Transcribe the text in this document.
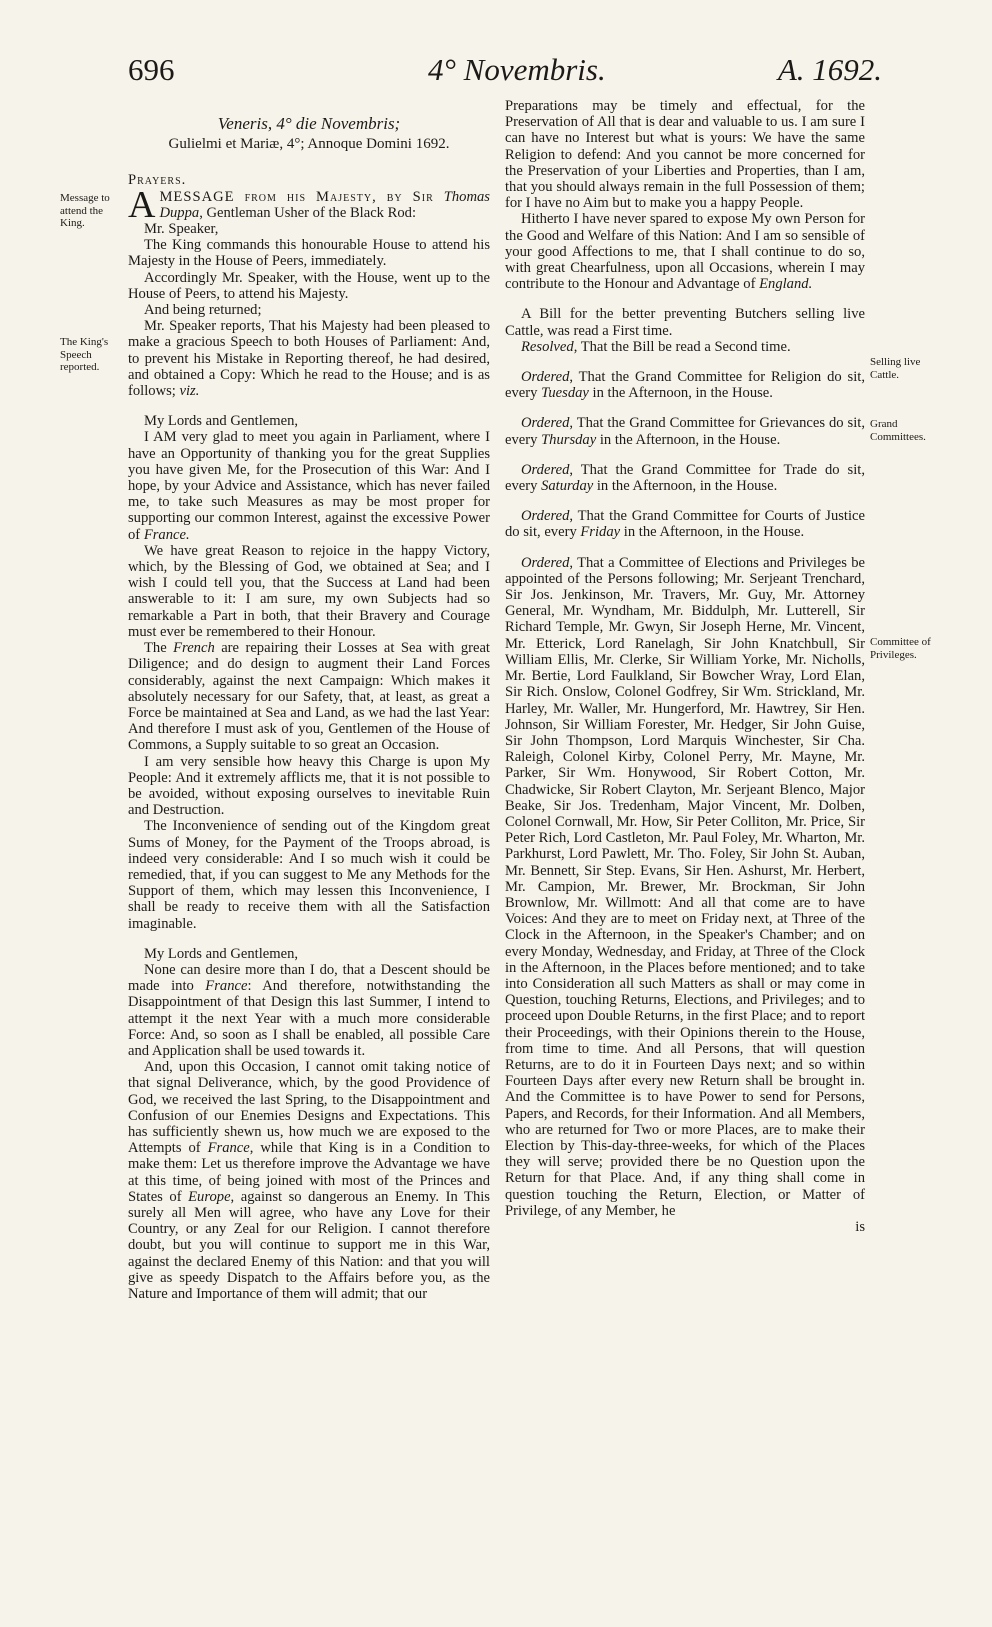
696	4° Novembris.	A. 1692.
Message to attend the King.
The King's Speech reported.	Selling live Cattle.
Grand Committees.
Committee of Privileges.
Veneris, 4° die Novembris;
Gulielmi et Mariæ, 4°; Annoque Domini 1692.

Prayers.

AMESSAGE from his Majesty, by Sir Thomas Duppa, Gentleman Usher of the Black Rod:

Mr. Speaker,

The King commands this honourable House to attend his Majesty in the House of Peers, immediately.

Accordingly Mr. Speaker, with the House, went up to the House of Peers, to attend his Majesty.

And being returned;

Mr. Speaker reports, That his Majesty had been pleased to make a gracious Speech to both Houses of Parliament: And, to prevent his Mistake in Reporting thereof, he had desired, and obtained a Copy: Which he read to the House; and is as follows; viz.

My Lords and Gentlemen,

I AM very glad to meet you again in Parliament, where I have an Opportunity of thanking you for the great Supplies you have given Me, for the Prosecution of this War: And I hope, by your Advice and Assistance, which has never failed me, to take such Measures as may be most proper for supporting our common Interest, against the excessive Power of France.

We have great Reason to rejoice in the happy Victory, which, by the Blessing of God, we obtained at Sea; and I wish I could tell you, that the Success at Land had been answerable to it: I am sure, my own Subjects had so remarkable a Part in both, that their Bravery and Courage must ever be remembered to their Honour.

The French are repairing their Losses at Sea with great Diligence; and do design to augment their Land Forces considerably, against the next Campaign: Which makes it absolutely necessary for our Safety, that, at least, as great a Force be maintained at Sea and Land, as we had the last Year: And therefore I must ask of you, Gentlemen of the House of Commons, a Supply suitable to so great an Occasion.

I am very sensible how heavy this Charge is upon My People: And it extremely afflicts me, that it is not possible to be avoided, without exposing ourselves to inevitable Ruin and Destruction.

The Inconvenience of sending out of the Kingdom great Sums of Money, for the Payment of the Troops abroad, is indeed very considerable: And I so much wish it could be remedied, that, if you can suggest to Me any Methods for the Support of them, which may lessen this Inconvenience, I shall be ready to receive them with all the Satisfaction imaginable.

My Lords and Gentlemen,

None can desire more than I do, that a Descent should be made into France: And therefore, notwithstanding the Disappointment of that Design this last Summer, I intend to attempt it the next Year with a much more considerable Force: And, so soon as I shall be enabled, all possible Care and Application shall be used towards it.

And, upon this Occasion, I cannot omit taking notice of that signal Deliverance, which, by the good Providence of God, we received the last Spring, to the Disappointment and Confusion of our Enemies Designs and Expectations. This has sufficiently shewn us, how much we are exposed to the Attempts of France, while that King is in a Condition to make them: Let us therefore improve the Advantage we have at this time, of being joined with most of the Princes and States of Europe, against so dangerous an Enemy. In This surely all Men will agree, who have any Love for their Country, or any Zeal for our Religion. I cannot therefore doubt, but you will continue to support me in this War, against the declared Enemy of this Nation: and that you will give as speedy Dispatch to the Affairs before you, as the Nature and Importance of them will admit; that our

Preparations may be timely and effectual, for the Preservation of All that is dear and valuable to us. I am sure I can have no Interest but what is yours: We have the same Religion to defend: And you cannot be more concerned for the Preservation of your Liberties and Properties, than I am, that you should always remain in the full Possession of them; for I have no Aim but to make you a happy People.

Hitherto I have never spared to expose My own Person for the Good and Welfare of this Nation: And I am so sensible of your good Affections to me, that I shall continue to do so, with great Chearfulness, upon all Occasions, wherein I may contribute to the Honour and Advantage of England.

A Bill for the better preventing Butchers selling live Cattle, was read a First time.

Resolved, That the Bill be read a Second time.

Ordered, That the Grand Committee for Religion do sit, every Tuesday in the Afternoon, in the House.

Ordered, That the Grand Committee for Grievances do sit, every Thursday in the Afternoon, in the House.

Ordered, That the Grand Committee for Trade do sit, every Saturday in the Afternoon, in the House.

Ordered, That the Grand Committee for Courts of Justice do sit, every Friday in the Afternoon, in the House.

Ordered, That a Committee of Elections and Privileges be appointed of the Persons following; Mr. Serjeant Trenchard, Sir Jos. Jenkinson, Mr. Travers, Mr. Guy, Mr. Attorney General, Mr. Wyndham, Mr. Biddulph, Mr. Lutterell, Sir Richard Temple, Mr. Gwyn, Sir Joseph Herne, Mr. Vincent, Mr. Etterick, Lord Ranelagh, Sir John Knatchbull, Sir William Ellis, Mr. Clerke, Sir William Yorke, Mr. Nicholls, Mr. Bertie, Lord Faulkland, Sir Bowcher Wray, Lord Elan, Sir Rich. Onslow, Colonel Godfrey, Sir Wm. Strickland, Mr. Harley, Mr. Waller, Mr. Hungerford, Mr. Hawtrey, Sir Hen. Johnson, Sir William Forester, Mr. Hedger, Sir John Guise, Sir John Thompson, Lord Marquis Winchester, Sir Cha. Raleigh, Colonel Kirby, Colonel Perry, Mr. Mayne, Mr. Parker, Sir Wm. Honywood, Sir Robert Cotton, Mr. Chadwicke, Sir Robert Clayton, Mr. Serjeant Blenco, Major Beake, Sir Jos. Tredenham, Major Vincent, Mr. Dolben, Colonel Cornwall, Mr. How, Sir Peter Colliton, Mr. Price, Sir Peter Rich, Lord Castleton, Mr. Paul Foley, Mr. Wharton, Mr. Parkhurst, Lord Pawlett, Mr. Tho. Foley, Sir John St. Auban, Mr. Bennett, Sir Step. Evans, Sir Hen. Ashurst, Mr. Herbert, Mr. Campion, Mr. Brewer, Mr. Brockman, Sir John Brownlow, Mr. Willmott: And all that come are to have Voices: And they are to meet on Friday next, at Three of the Clock in the Afternoon, in the Speaker's Chamber; and on every Monday, Wednesday, and Friday, at Three of the Clock in the Afternoon, in the Places before mentioned; and to take into Consideration all such Matters as shall or may come in Question, touching Returns, Elections, and Privileges; and to proceed upon Double Returns, in the first Place; and to report their Proceedings, with their Opinions therein to the House, from time to time. And all Persons, that will question Returns, are to do it in Fourteen Days next; and so within Fourteen Days after every new Return shall be brought in. And the Committee is to have Power to send for Persons, Papers, and Records, for their Information. And all Members, who are returned for Two or more Places, are to make their Election by This-day-three-weeks, for which of the Places they will serve; provided there be no Question upon the Return for that Place. And, if any thing shall come in question touching the Return, Election, or Matter of Privilege, of any Member, he

is
